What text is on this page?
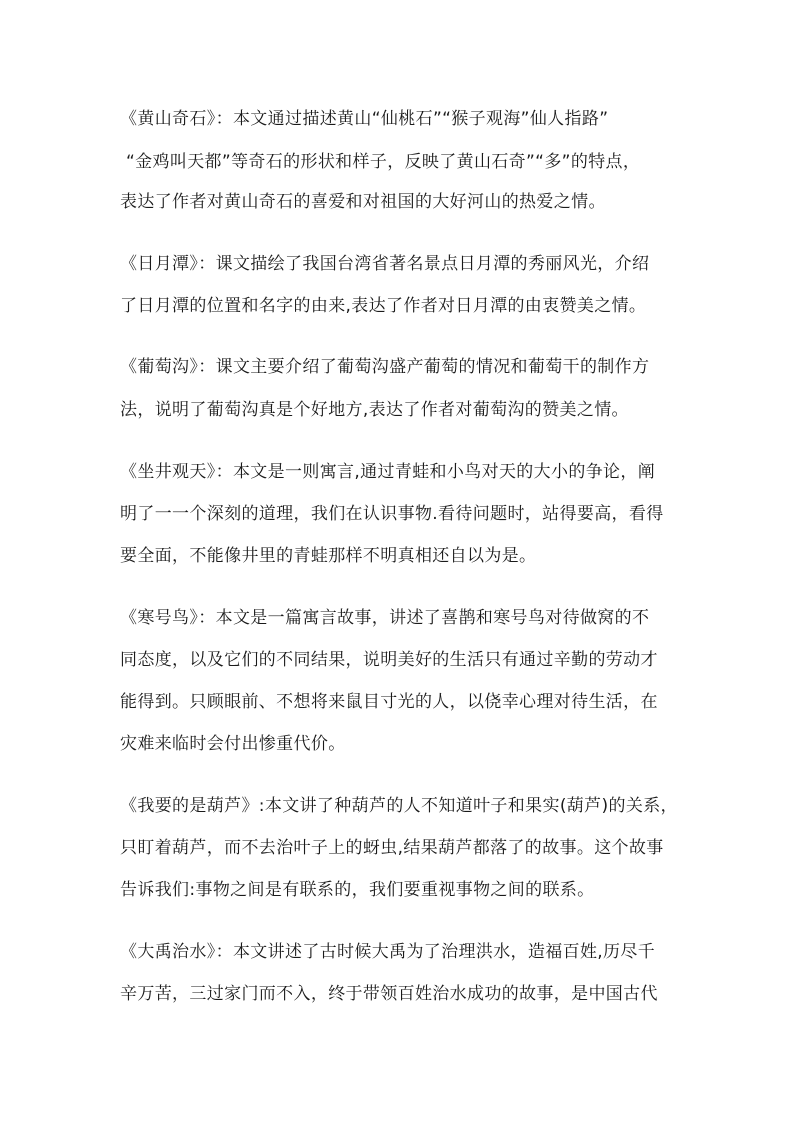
《黄山奇石》：本文通过描述黄山“仙桃石”“猴子观海”仙人指路”
“金鸡叫天都”等奇石的形状和样子，反映了黄山石奇”“多”的特点，
表达了作者对黄山奇石的喜爱和对祖国的大好河山的热爱之情。
《日月潭》：课文描绘了我国台湾省著名景点日月潭的秀丽风光，介绍
了日月潭的位置和名字的由来,表达了作者对日月潭的由衷赞美之情。
《葡萄沟》：课文主要介绍了葡萄沟盛产葡萄的情况和葡萄干的制作方
法，说明了葡萄沟真是个好地方,表达了作者对葡萄沟的赞美之情。
《坐井观天》：本文是一则寓言,通过青蛙和小鸟对天的大小的争论，阐
明了一一个深刻的道理，我们在认识事物.看待问题时，站得要高，看得
要全面，不能像井里的青蛙那样不明真相还自以为是。
《寒号鸟》：本文是一篇寓言故事，讲述了喜鹊和寒号鸟对待做窝的不
同态度，以及它们的不同结果，说明美好的生活只有通过辛勤的劳动才
能得到。只顾眼前、不想将来鼠目寸光的人，以侥幸心理对待生活，在
灾难来临时会付出惨重代价。
《我要的是葫芦》:本文讲了种葫芦的人不知道叶子和果实(葫芦)的关系，
只盯着葫芦，而不去治叶子上的蚜虫,结果葫芦都落了的故事。这个故事
告诉我们:事物之间是有联系的，我们要重视事物之间的联系。
《大禹治水》：本文讲述了古时候大禹为了治理洪水，造福百姓,历尽千
辛万苦，三过家门而不入，终于带领百姓治水成功的故事，是中国古代
